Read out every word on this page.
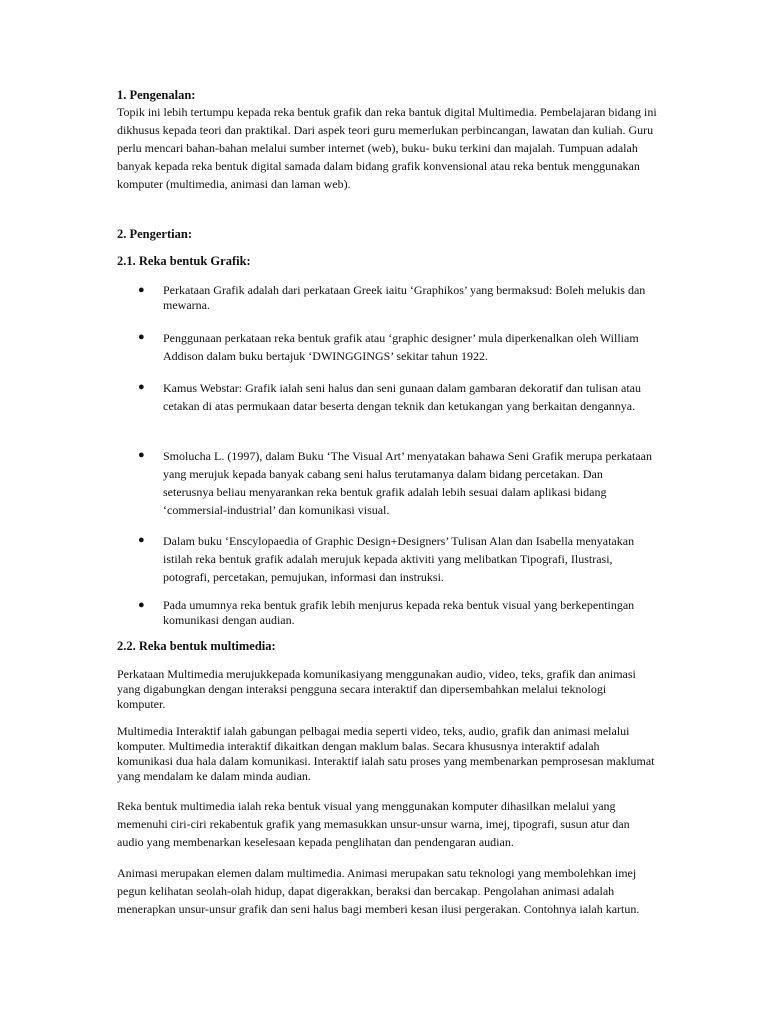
1. Pengenalan:

Topik ini lebih tertumpu kepada reka bentuk grafik dan reka bantuk digital Multimedia. Pembelajaran bidang ini dikhusus kepada teori dan praktikal. Dari aspek teori guru memerlukan perbincangan, lawatan dan kuliah. Guru perlu mencari bahan-bahan melalui sumber internet (web), buku- buku terkini dan majalah. Tumpuan adalah banyak kepada reka bentuk digital samada dalam bidang grafik konvensional atau reka bentuk menggunakan komputer (multimedia, animasi dan laman web).

2. Pengertian:
2.1. Reka bentuk Grafik:
● Perkataan Grafik adalah dari perkataan Greek iaitu ‘Graphikos’ yang bermaksud: Boleh melukis dan mewarna.

● Penggunaan perkataan reka bentuk grafik atau ‘graphic designer’ mula diperkenalkan oleh William Addison dalam buku bertajuk ‘DWINGGINGS’ sekitar tahun 1922.

● Kamus Webstar: Grafik ialah seni halus dan seni gunaan dalam gambaran dekoratif dan tulisan atau cetakan di atas permukaan datar beserta dengan teknik dan ketukangan yang berkaitan dengannya.

● Smolucha L. (1997), dalam Buku ‘The Visual Art’ menyatakan bahawa Seni Grafik merupa perkataan yang merujuk kepada banyak cabang seni halus terutamanya dalam bidang percetakan. Dan seterusnya beliau menyarankan reka bentuk grafik adalah lebih sesuai dalam aplikasi bidang ‘commersial-industrial’ dan komunikasi visual.

● Dalam buku ‘Enscylopaedia of Graphic Design+Designers’ Tulisan Alan dan Isabella menyatakan istilah reka bentuk grafik adalah merujuk kepada aktiviti yang melibatkan Tipografi, Ilustrasi, potografi, percetakan, pemujukan, informasi dan instruksi.

● Pada umumnya reka bentuk grafik lebih menjurus kepada reka bentuk visual yang berkepentingan komunikasi dengan audian.

2.2. Reka bentuk multimedia:

Perkataan Multimedia merujukkepada komunikasiyang menggunakan audio, video, teks, grafik dan animasi yang digabungkan dengan interaksi pengguna secara interaktif dan dipersembahkan melalui teknologi komputer.

Multimedia Interaktif ialah gabungan pelbagai media seperti video, teks, audio, grafik dan animasi melalui komputer. Multimedia interaktif dikaitkan dengan maklum balas. Secara khususnya interaktif adalah komunikasi dua hala dalam komunikasi. Interaktif ialah satu proses yang membenarkan pemprosesan maklumat yang mendalam ke dalam minda audian.

Reka bentuk multimedia ialah reka bentuk visual yang menggunakan komputer dihasilkan melalui yang memenuhi ciri-ciri rekabentuk grafik yang memasukkan unsur-unsur warna, imej, tipografi, susun atur dan audio yang membenarkan keselesaan kepada penglihatan dan pendengaran audian.

Animasi merupakan elemen dalam multimedia. Animasi merupakan satu teknologi yang membolehkan imej pegun kelihatan seolah-olah hidup, dapat digerakkan, beraksi dan bercakap. Pengolahan animasi adalah menerapkan unsur-unsur grafik dan seni halus bagi memberi kesan ilusi pergerakan. Contohnya ialah kartun.
